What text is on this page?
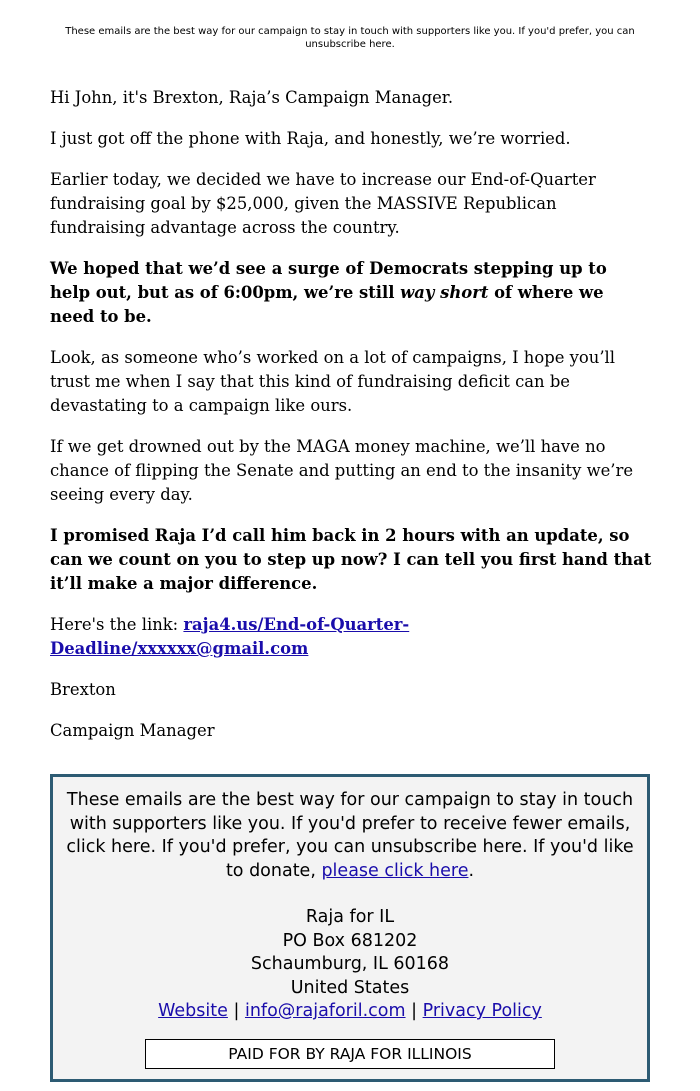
These emails are the best way for our campaign to stay in touch with supporters like you. If you'd prefer, you can unsubscribe here.

Hi John, it's Brexton, Raja’s Campaign Manager.

I just got off the phone with Raja, and honestly, we’re worried.

Earlier today, we decided we have to increase our End-of-Quarter fundraising goal by $25,000, given the MASSIVE Republican fundraising advantage across the country.

We hoped that we’d see a surge of Democrats stepping up to help out, but as of 6:00pm, we’re still way short of where we need to be.

Look, as someone who’s worked on a lot of campaigns, I hope you’ll trust me when I say that this kind of fundraising deficit can be devastating to a campaign like ours.

If we get drowned out by the MAGA money machine, we’ll have no chance of flipping the Senate and putting an end to the insanity we’re seeing every day.

I promised Raja I’d call him back in 2 hours with an update, so can we count on you to step up now? I can tell you first hand that it’ll make a major difference.

Here's the link: raja4.us/End-of-Quarter-Deadline/xxxxxx@gmail.com

Brexton

Campaign Manager

These emails are the best way for our campaign to stay in touch with supporters like you. If you'd prefer to receive fewer emails, click here. If you'd prefer, you can unsubscribe here. If you'd like to donate, please click here.

Raja for IL

PO Box 681202

Schaumburg, IL 60168

United States

Website | info@rajaforil.com | Privacy Policy

PAID FOR BY RAJA FOR ILLINOIS
